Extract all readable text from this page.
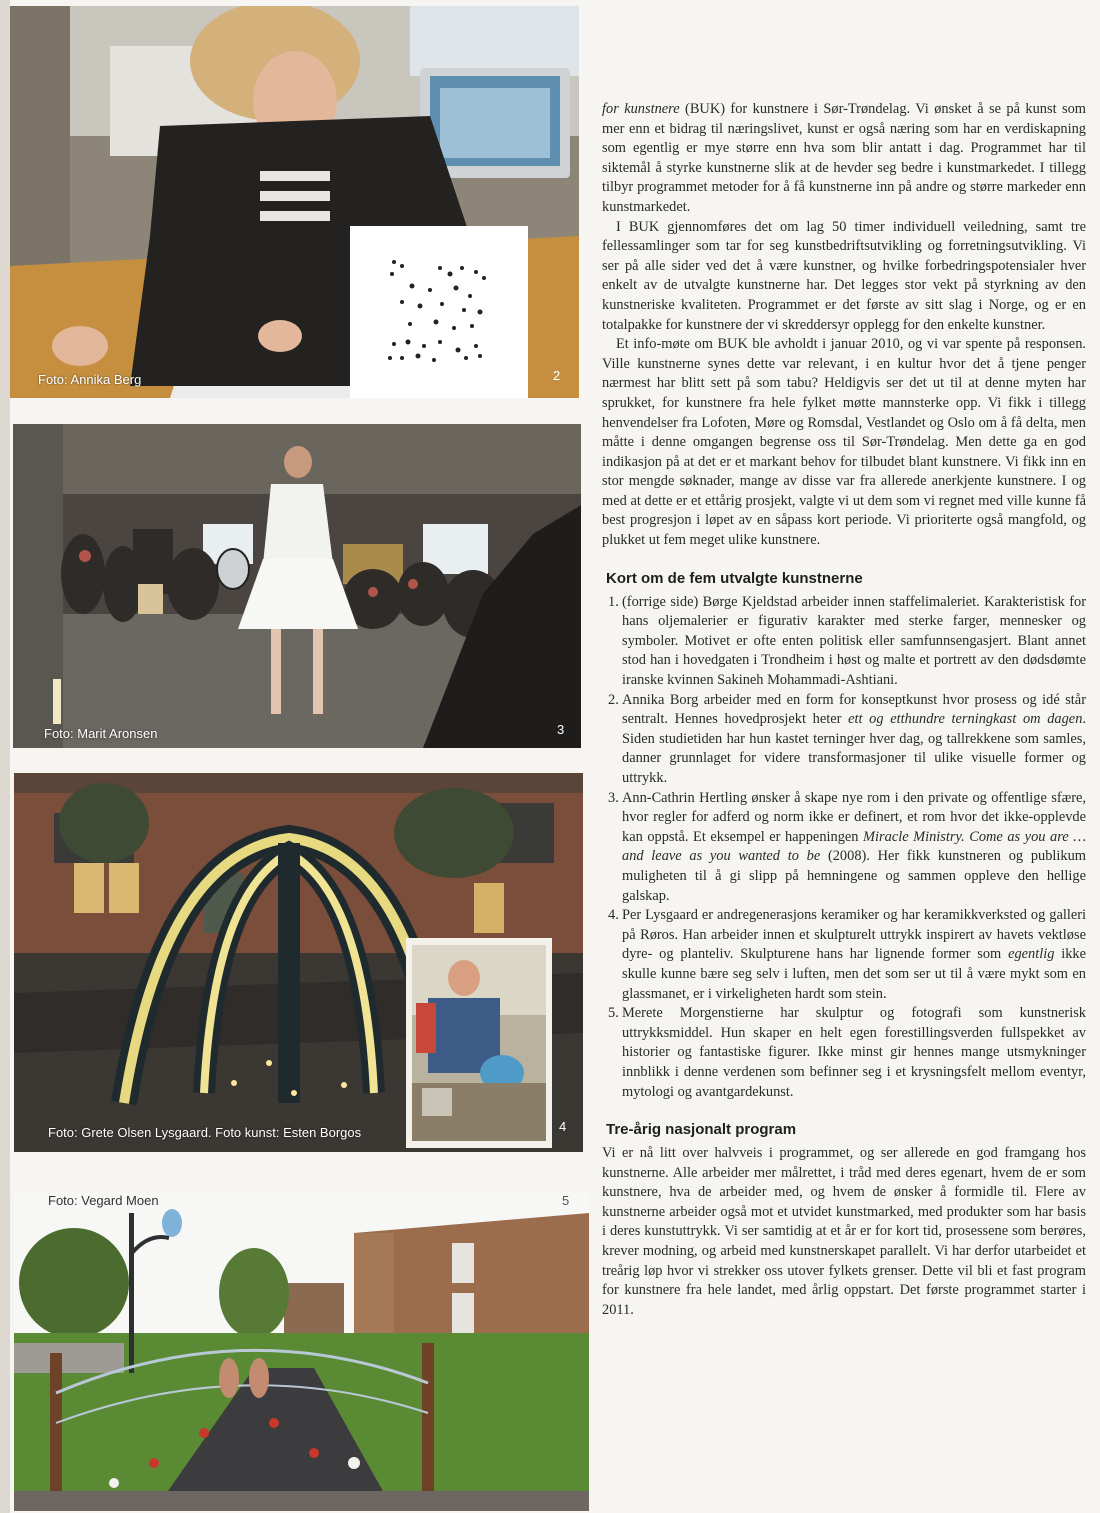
Foto: Annika Berg	2
Foto: Marit Aronsen	3
Foto: Grete Olsen Lysgaard. Foto kunst: Esten Borgos	4
Foto: Vegard Moen	5

for kunstnere (BUK) for kunstnere i Sør-Trøndelag. Vi ønsket å se på kunst som mer enn et bidrag til næringslivet, kunst er også næring som har en verdiskapning som egentlig er mye større enn hva som blir antatt i dag. Programmet har til siktemål å styrke kunstnerne slik at de hevder seg bedre i kunstmarkedet. I tillegg tilbyr programmet metoder for å få kunstnerne inn på andre og større markeder enn kunstmarkedet.

I BUK gjennomføres det om lag 50 timer individuell veiledning, samt tre fellessamlinger som tar for seg kunstbedriftsutvikling og forretningsutvikling. Vi ser på alle sider ved det å være kunstner, og hvilke forbedringspotensialer hver enkelt av de utvalgte kunstnerne har. Det legges stor vekt på styrkning av den kunstneriske kvaliteten. Programmet er det første av sitt slag i Norge, og er en totalpakke for kunstnere der vi skreddersyr opplegg for den enkelte kunstner.

Et info-møte om BUK ble avholdt i januar 2010, og vi var spente på responsen. Ville kunstnerne synes dette var relevant, i en kultur hvor det å tjene penger nærmest har blitt sett på som tabu? Heldigvis ser det ut til at denne myten har sprukket, for kunstnere fra hele fylket møtte mannsterke opp. Vi fikk i tillegg henvendelser fra Lofoten, Møre og Romsdal, Vestlandet og Oslo om å få delta, men måtte i denne omgangen begrense oss til Sør-Trøndelag. Men dette ga en god indikasjon på at det er et markant behov for tilbudet blant kunstnere. Vi fikk inn en stor mengde søknader, mange av disse var fra allerede anerkjente kunstnere. I og med at dette er et ettårig prosjekt, valgte vi ut dem som vi regnet med ville kunne få best progresjon i løpet av en såpass kort periode. Vi prioriterte også mangfold, og plukket ut fem meget ulike kunstnere.

Kort om de fem utvalgte kunstnerne
1. (forrige side) Børge Kjeldstad arbeider innen staffelimaleriet. Karakteristisk for hans oljemalerier er figurativ karakter med sterke farger, mennesker og symboler. Motivet er ofte enten politisk eller samfunnsengasjert. Blant annet stod han i hovedgaten i Trondheim i høst og malte et portrett av den dødsdømte iranske kvinnen Sakineh Mohammadi-Ashtiani.
2. Annika Borg arbeider med en form for konseptkunst hvor prosess og idé står sentralt. Hennes hovedprosjekt heter ett og etthundre terningkast om dagen. Siden studietiden har hun kastet terninger hver dag, og tallrekkene som samles, danner grunnlaget for videre transformasjoner til ulike visuelle former og uttrykk.
3. Ann-Cathrin Hertling ønsker å skape nye rom i den private og offentlige sfære, hvor regler for adferd og norm ikke er definert, et rom hvor det ikke-opplevde kan oppstå. Et eksempel er happeningen Miracle Ministry. Come as you are … and leave as you wanted to be (2008). Her fikk kunstneren og publikum muligheten til å gi slipp på hemningene og sammen oppleve den hellige galskap.
4. Per Lysgaard er andregenerasjons keramiker og har keramikkverksted og galleri på Røros. Han arbeider innen et skulpturelt uttrykk inspirert av havets vektløse dyre- og planteliv. Skulpturene hans har lignende former som egentlig ikke skulle kunne bære seg selv i luften, men det som ser ut til å være mykt som en glassmanet, er i virkeligheten hardt som stein.
5. Merete Morgenstierne har skulptur og fotografi som kunstnerisk uttrykksmiddel. Hun skaper en helt egen forestillingsverden fullspekket av historier og fantastiske figurer. Ikke minst gir hennes mange utsmykninger innblikk i denne verdenen som befinner seg i et krysningsfelt mellom eventyr, mytologi og avantgardekunst.
Tre-årig nasjonalt program

Vi er nå litt over halvveis i programmet, og ser allerede en god framgang hos kunstnerne. Alle arbeider mer målrettet, i tråd med deres egenart, hvem de er som kunstnere, hva de arbeider med, og hvem de ønsker å formidle til. Flere av kunstnerne arbeider også mot et utvidet kunstmarked, med produkter som har basis i deres kunstuttrykk. Vi ser samtidig at et år er for kort tid, prosessene som berøres, krever modning, og arbeid med kunstnerskapet parallelt. Vi har derfor utarbeidet et treårig løp hvor vi strekker oss utover fylkets grenser. Dette vil bli et fast program for kunstnere fra hele landet, med årlig oppstart. Det første programmet starter i 2011.
